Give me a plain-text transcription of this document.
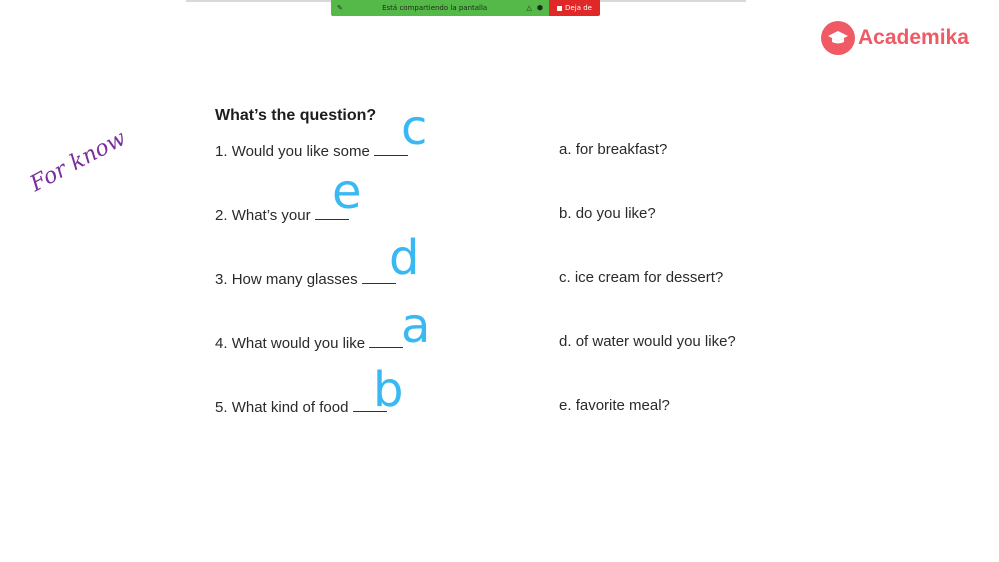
✎	Está compartiendo la pantalla	△ ⬢	Deja de
Academika
For know
What’s the question?
1. Would you like some
2. What’s your
3. How many glasses
4. What would you like
5. What kind of food
a. for breakfast?
b. do you like?
c. ice cream for dessert?
d. of water would you like?
e. favorite meal?
c
e
d
a
b
